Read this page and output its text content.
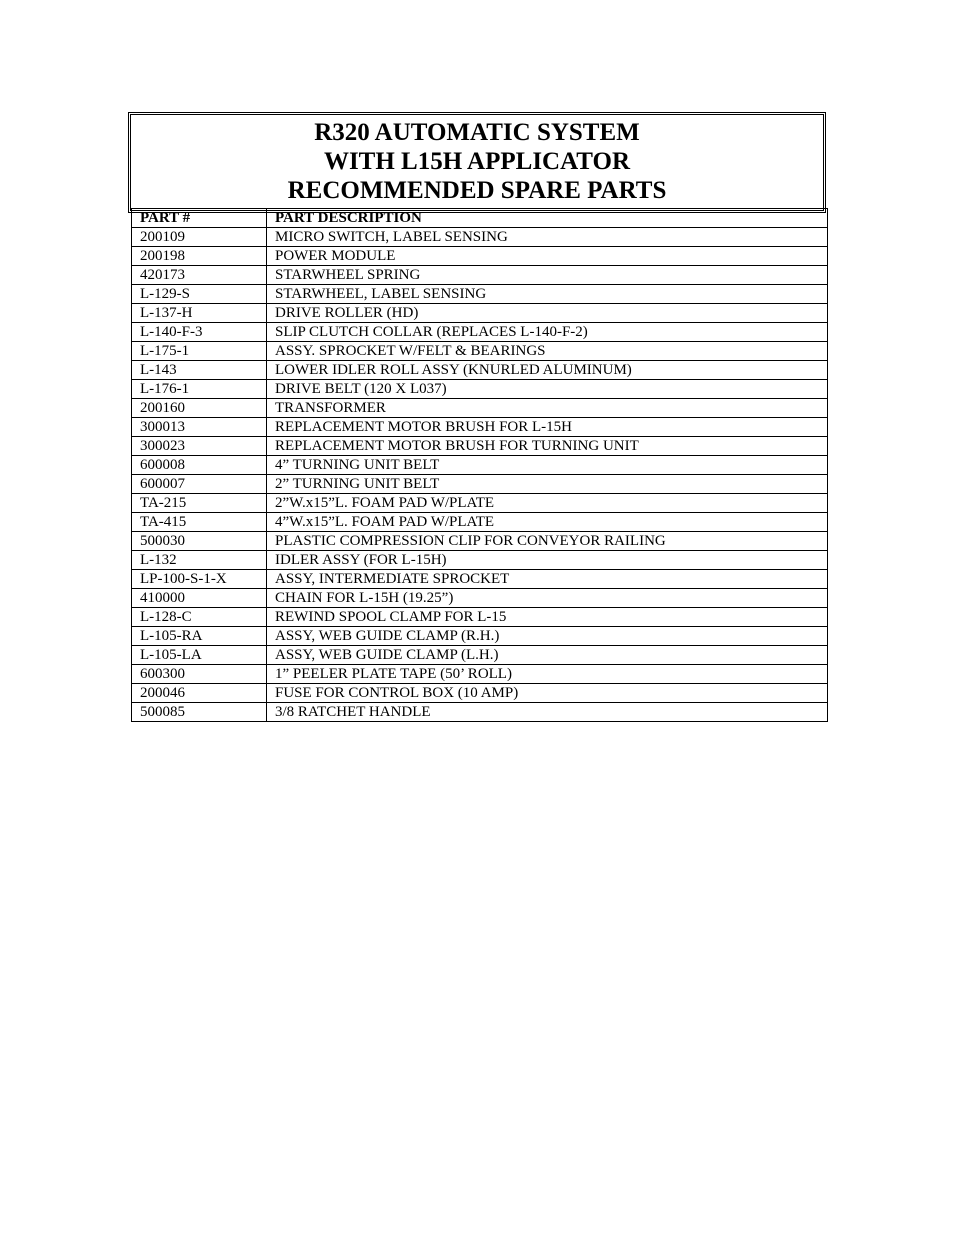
R320 AUTOMATIC SYSTEM
WITH L15H APPLICATOR
RECOMMENDED SPARE PARTS
PART #	PART DESCRIPTION
200109	MICRO SWITCH, LABEL SENSING
200198	POWER MODULE
420173	STARWHEEL SPRING
L-129-S	STARWHEEL, LABEL SENSING
L-137-H	DRIVE ROLLER (HD)
L-140-F-3	SLIP CLUTCH COLLAR (REPLACES L-140-F-2)
L-175-1	ASSY. SPROCKET W/FELT & BEARINGS
L-143	LOWER IDLER ROLL ASSY (KNURLED ALUMINUM)
L-176-1	DRIVE BELT (120 X L037)
200160	TRANSFORMER
300013	REPLACEMENT MOTOR BRUSH FOR L-15H
300023	REPLACEMENT MOTOR BRUSH FOR TURNING UNIT
600008	4” TURNING UNIT BELT
600007	2” TURNING UNIT BELT
TA-215	2”W.x15”L. FOAM PAD W/PLATE
TA-415	4”W.x15”L. FOAM PAD W/PLATE
500030	PLASTIC COMPRESSION CLIP FOR CONVEYOR RAILING
L-132	IDLER ASSY (FOR L-15H)
LP-100-S-1-X	ASSY, INTERMEDIATE SPROCKET
410000	CHAIN FOR L-15H (19.25”)
L-128-C	REWIND SPOOL CLAMP FOR L-15
L-105-RA	ASSY, WEB GUIDE CLAMP (R.H.)
L-105-LA	ASSY, WEB GUIDE CLAMP (L.H.)
600300	1” PEELER PLATE TAPE (50’ ROLL)
200046	FUSE FOR CONTROL BOX (10 AMP)
500085	3/8 RATCHET HANDLE
